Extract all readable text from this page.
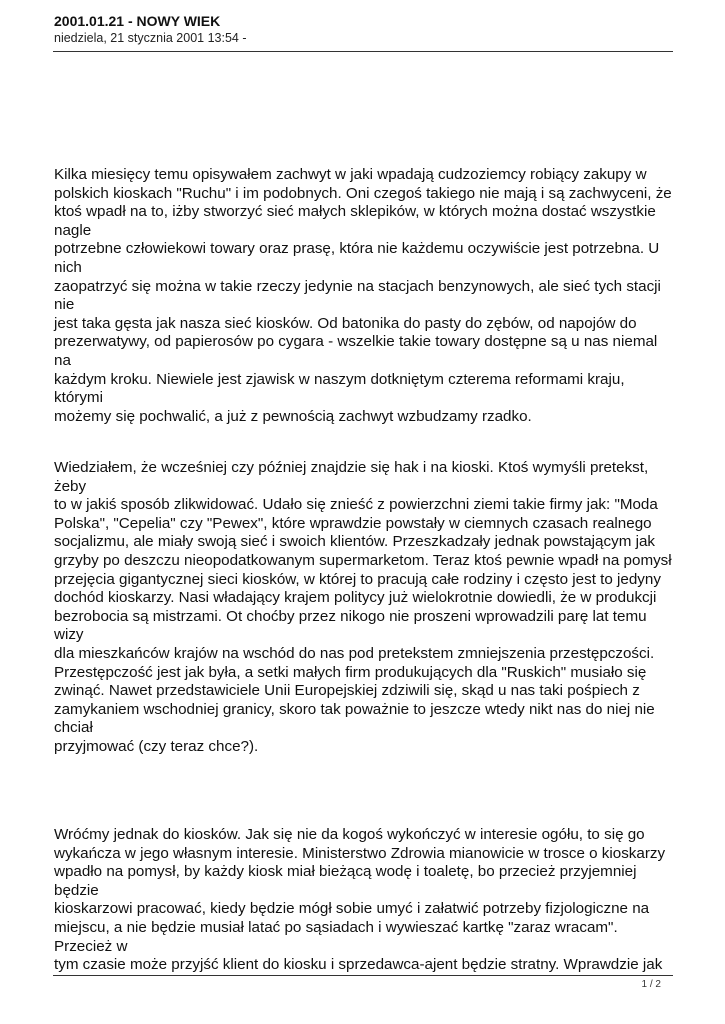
2001.01.21 - NOWY WIEK

niedziela, 21 stycznia 2001 13:54 -

Kilka miesięcy temu opisywałem zachwyt w jaki wpadają cudzoziemcy robiący zakupy w
polskich kioskach "Ruchu" i im podobnych. Oni czegoś takiego nie mają i są zachwyceni, że
ktoś wpadł na to, iżby stworzyć sieć małych sklepików, w których można dostać wszystkie nagle
potrzebne człowiekowi towary oraz prasę, która nie każdemu oczywiście jest potrzebna. U nich
zaopatrzyć się można w takie rzeczy jedynie na stacjach benzynowych, ale sieć tych stacji nie
jest taka gęsta jak nasza sieć kiosków. Od batonika do pasty do zębów, od napojów do
prezerwatywy, od papierosów po cygara - wszelkie takie towary dostępne są u nas niemal na
każdym kroku. Niewiele jest zjawisk w naszym dotkniętym czterema reformami kraju, którymi
możemy się pochwalić, a już z pewnością zachwyt wzbudzamy rzadko.

Wiedziałem, że wcześniej czy później znajdzie się hak i na kioski. Ktoś wymyśli pretekst, żeby
to w jakiś sposób zlikwidować. Udało się znieść z powierzchni ziemi takie firmy jak: "Moda
Polska", "Cepelia" czy "Pewex", które wprawdzie powstały w ciemnych czasach realnego
socjalizmu, ale miały swoją sieć i swoich klientów. Przeszkadzały jednak powstającym jak
grzyby po deszczu nieopodatkowanym supermarketom. Teraz ktoś pewnie wpadł na pomysł
przejęcia gigantycznej sieci kiosków, w której to pracują całe rodziny i często jest to jedyny
dochód kioskarzy. Nasi władający krajem politycy już wielokrotnie dowiedli, że w produkcji
bezrobocia są mistrzami. Ot choćby przez nikogo nie proszeni wprowadzili parę lat temu wizy
dla mieszkańców krajów na wschód do nas pod pretekstem zmniejszenia przestępczości.
Przestępczość jest jak była, a setki małych firm produkujących dla "Ruskich" musiało się
zwinąć. Nawet przedstawiciele Unii Europejskiej zdziwili się, skąd u nas taki pośpiech z
zamykaniem wschodniej granicy, skoro tak poważnie to jeszcze wtedy nikt nas do niej nie chciał
przyjmować (czy teraz chce?).

Wróćmy jednak do kiosków. Jak się nie da kogoś wykończyć w interesie ogółu, to się go
wykańcza w jego własnym interesie. Ministerstwo Zdrowia mianowicie w trosce o kioskarzy
wpadło na pomysł, by każdy kiosk miał bieżącą wodę i toaletę, bo przecież przyjemniej będzie
kioskarzowi pracować, kiedy będzie mógł sobie umyć i załatwić potrzeby fizjologiczne na
miejscu, a nie będzie musiał latać po sąsiadach i wywieszać kartkę "zaraz wracam". Przecież w
tym czasie może przyjść klient do kiosku i sprzedawca-ajent będzie stratny. Wprawdzie jak

1 / 2
